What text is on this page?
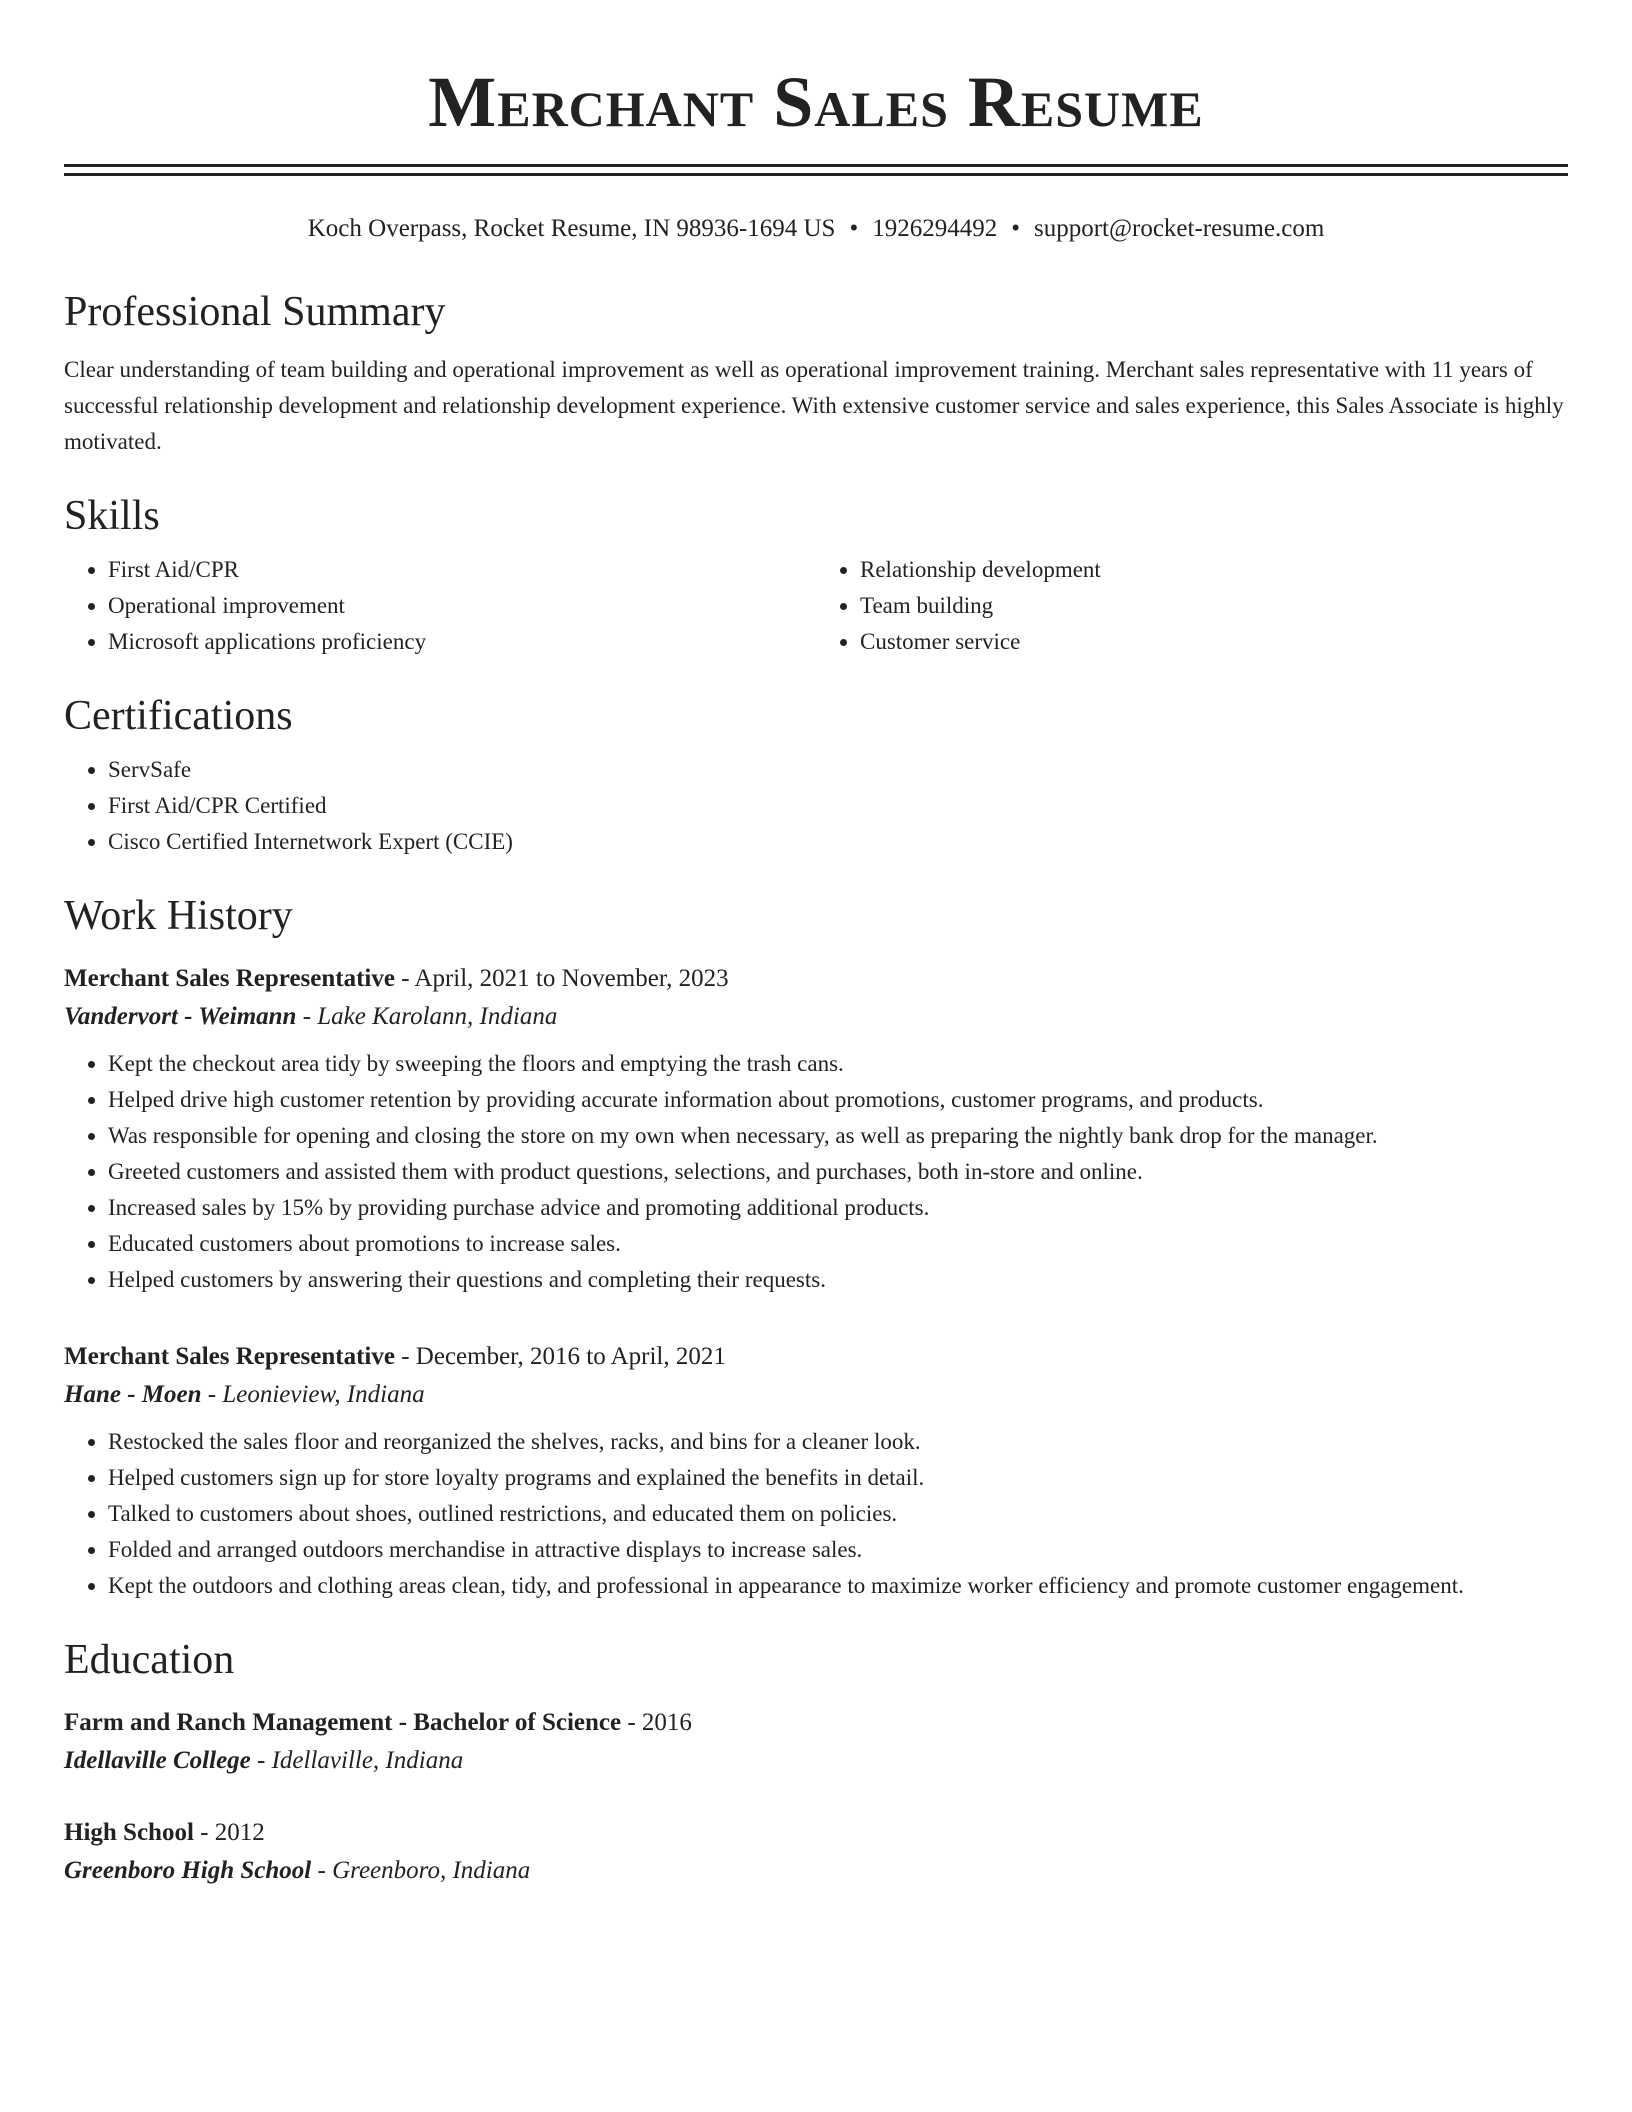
Merchant Sales Resume
Koch Overpass, Rocket Resume, IN 98936-1694 US • 1926294492 • support@rocket-resume.com
Professional Summary

Clear understanding of team building and operational improvement as well as operational improvement training. Merchant sales representative with 11 years of successful relationship development and relationship development experience. With extensive customer service and sales experience, this Sales Associate is highly motivated.

Skills
• First Aid/CPR
• Operational improvement
• Microsoft applications proficiency
• Relationship development
• Team building
• Customer service
Certifications
• ServSafe
• First Aid/CPR Certified
• Cisco Certified Internetwork Expert (CCIE)
Work History
Merchant Sales Representative - April, 2021 to November, 2023
Vandervort - Weimann - Lake Karolann, Indiana
• Kept the checkout area tidy by sweeping the floors and emptying the trash cans.
• Helped drive high customer retention by providing accurate information about promotions, customer programs, and products.
• Was responsible for opening and closing the store on my own when necessary, as well as preparing the nightly bank drop for the manager.
• Greeted customers and assisted them with product questions, selections, and purchases, both in-store and online.
• Increased sales by 15% by providing purchase advice and promoting additional products.
• Educated customers about promotions to increase sales.
• Helped customers by answering their questions and completing their requests.
Merchant Sales Representative - December, 2016 to April, 2021
Hane - Moen - Leonieview, Indiana
• Restocked the sales floor and reorganized the shelves, racks, and bins for a cleaner look.
• Helped customers sign up for store loyalty programs and explained the benefits in detail.
• Talked to customers about shoes, outlined restrictions, and educated them on policies.
• Folded and arranged outdoors merchandise in attractive displays to increase sales.
• Kept the outdoors and clothing areas clean, tidy, and professional in appearance to maximize worker efficiency and promote customer engagement.
Education
Farm and Ranch Management - Bachelor of Science - 2016
Idellaville College - Idellaville, Indiana
High School - 2012
Greenboro High School - Greenboro, Indiana
